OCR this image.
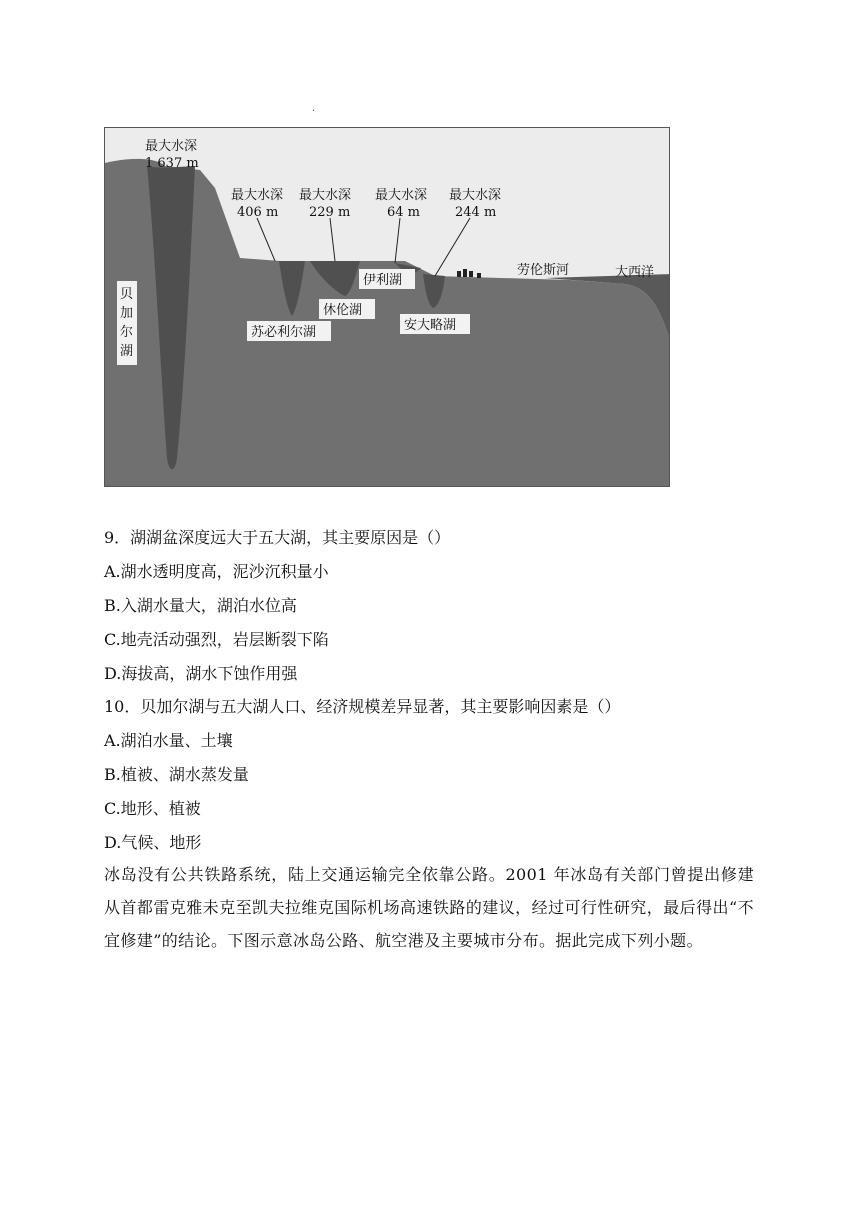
·
最大水深
1 637 m
最大水深
406 m
最大水深
229 m
最大水深
64 m
最大水深
244 m
劳伦斯河	大西洋
苏必利尔湖
休伦湖
伊利湖
安大略湖
贝加尔湖
9．湖湖盆深度远大于五大湖，其主要原因是（）
A.湖水透明度高，泥沙沉积量小
B.入湖水量大，湖泊水位高
C.地壳活动强烈，岩层断裂下陷
D.海拔高，湖水下蚀作用强
10．贝加尔湖与五大湖人口、经济规模差异显著，其主要影响因素是（）
A.湖泊水量、土壤
B.植被、湖水蒸发量
C.地形、植被
D.气候、地形
冰岛没有公共铁路系统，陆上交通运输完全依靠公路。2001 年冰岛有关部门曾提出修建从首都雷克雅未克至凯夫拉维克国际机场高速铁路的建议，经过可行性研究，最后得出“不宜修建”的结论。下图示意冰岛公路、航空港及主要城市分布。据此完成下列小题。
